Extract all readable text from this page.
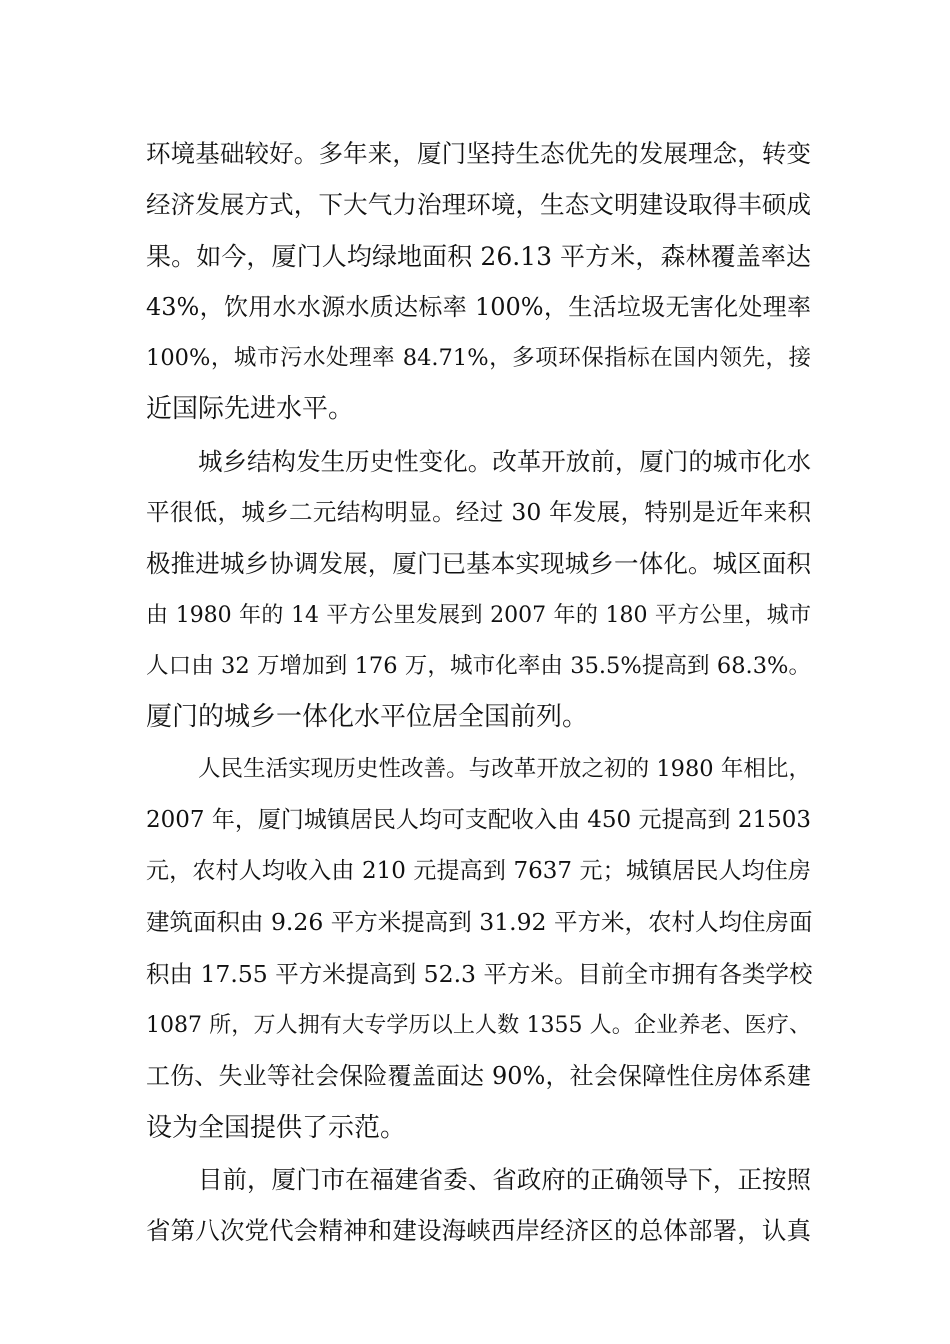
环境基础较好。多年来，厦门坚持生态优先的发展理念，转变
经济发展方式，下大气力治理环境，生态文明建设取得丰硕成
果。如今，厦门人均绿地面积 26.13 平方米，森林覆盖率达
43%，饮用水水源水质达标率 100%，生活垃圾无害化处理率
100%，城市污水处理率 84.71%，多项环保指标在国内领先，接
近国际先进水平。
城乡结构发生历史性变化。改革开放前，厦门的城市化水
平很低，城乡二元结构明显。经过 30 年发展，特别是近年来积
极推进城乡协调发展，厦门已基本实现城乡一体化。城区面积
由 1980 年的 14 平方公里发展到 2007 年的 180 平方公里，城市
人口由 32 万增加到 176 万，城市化率由 35.5%提高到 68.3%。
厦门的城乡一体化水平位居全国前列。
人民生活实现历史性改善。与改革开放之初的 1980 年相比，
2007 年，厦门城镇居民人均可支配收入由 450 元提高到 21503
元，农村人均收入由 210 元提高到 7637 元；城镇居民人均住房
建筑面积由 9.26 平方米提高到 31.92 平方米，农村人均住房面
积由 17.55 平方米提高到 52.3 平方米。目前全市拥有各类学校
1087 所，万人拥有大专学历以上人数 1355 人。企业养老、医疗、
工伤、失业等社会保险覆盖面达 90%，社会保障性住房体系建
设为全国提供了示范。
目前，厦门市在福建省委、省政府的正确领导下，正按照
省第八次党代会精神和建设海峡西岸经济区的总体部署，认真
